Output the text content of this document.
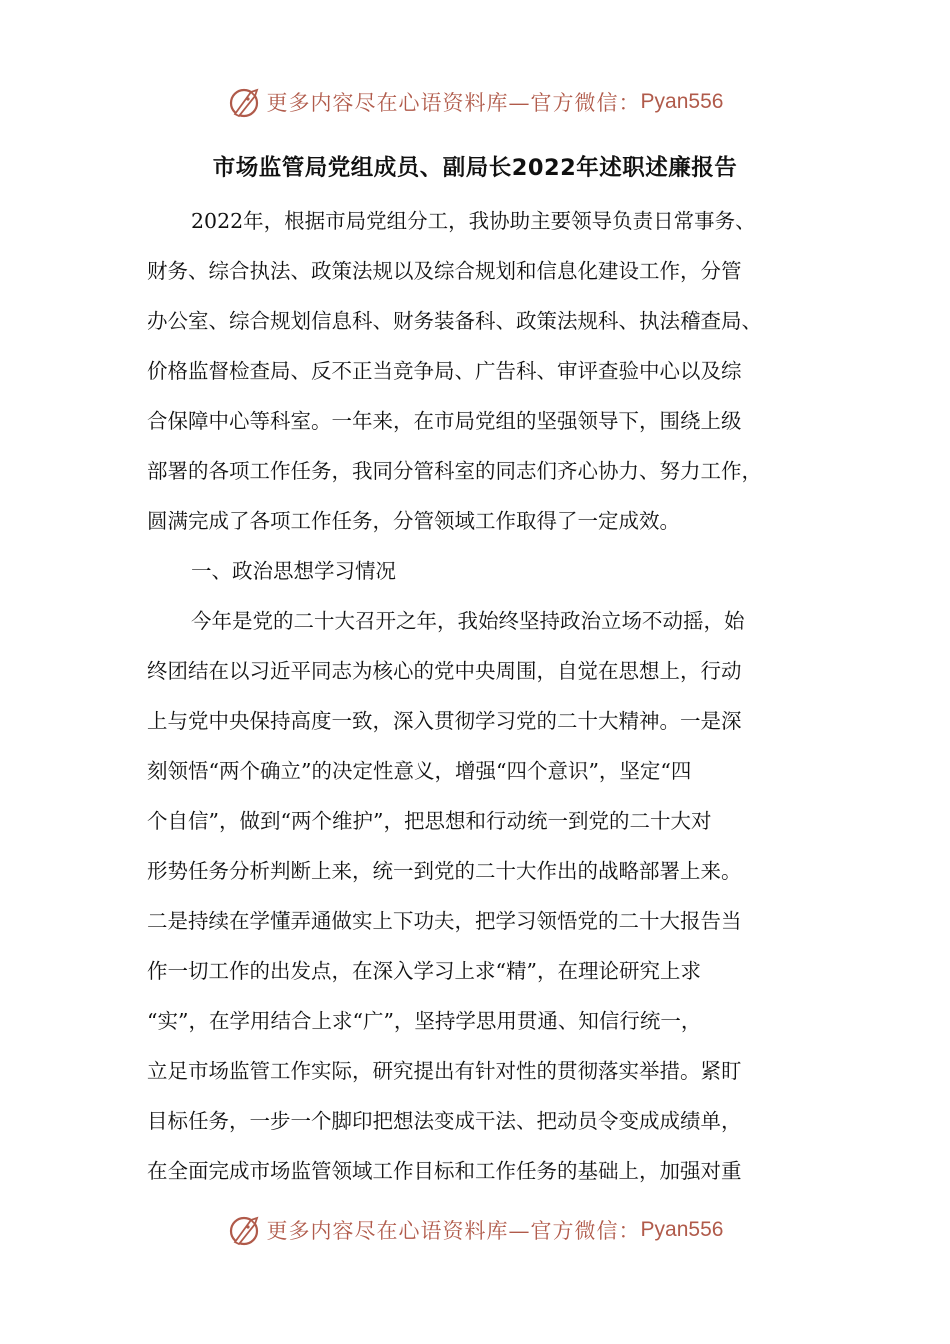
更多内容尽在心语资料库—官方微信： Pyan556
市场监管局党组成员、副局长2022年述职述廉报告
2022年，根据市局党组分工，我协助主要领导负责日常事务、
财务、综合执法、政策法规以及综合规划和信息化建设工作，分管
办公室、综合规划信息科、财务装备科、政策法规科、执法稽查局、
价格监督检查局、反不正当竞争局、广告科、审评查验中心以及综
合保障中心等科室。一年来，在市局党组的坚强领导下，围绕上级
部署的各项工作任务，我同分管科室的同志们齐心协力、努力工作，
圆满完成了各项工作任务，分管领域工作取得了一定成效。
一、政治思想学习情况
今年是党的二十大召开之年，我始终坚持政治立场不动摇，始
终团结在以习近平同志为核心的党中央周围，自觉在思想上，行动
上与党中央保持高度一致，深入贯彻学习党的二十大精神。一是深
刻领悟“两个确立”的决定性意义，增强“四个意识”，坚定“四
个自信”，做到“两个维护”，把思想和行动统一到党的二十大对
形势任务分析判断上来，统一到党的二十大作出的战略部署上来。
二是持续在学懂弄通做实上下功夫，把学习领悟党的二十大报告当
作一切工作的出发点，在深入学习上求“精”，在理论研究上求
“实”，在学用结合上求“广”，坚持学思用贯通、知信行统一，
立足市场监管工作实际，研究提出有针对性的贯彻落实举措。紧盯
目标任务，一步一个脚印把想法变成干法、把动员令变成成绩单，
在全面完成市场监管领域工作目标和工作任务的基础上，加强对重
更多内容尽在心语资料库—官方微信： Pyan556
